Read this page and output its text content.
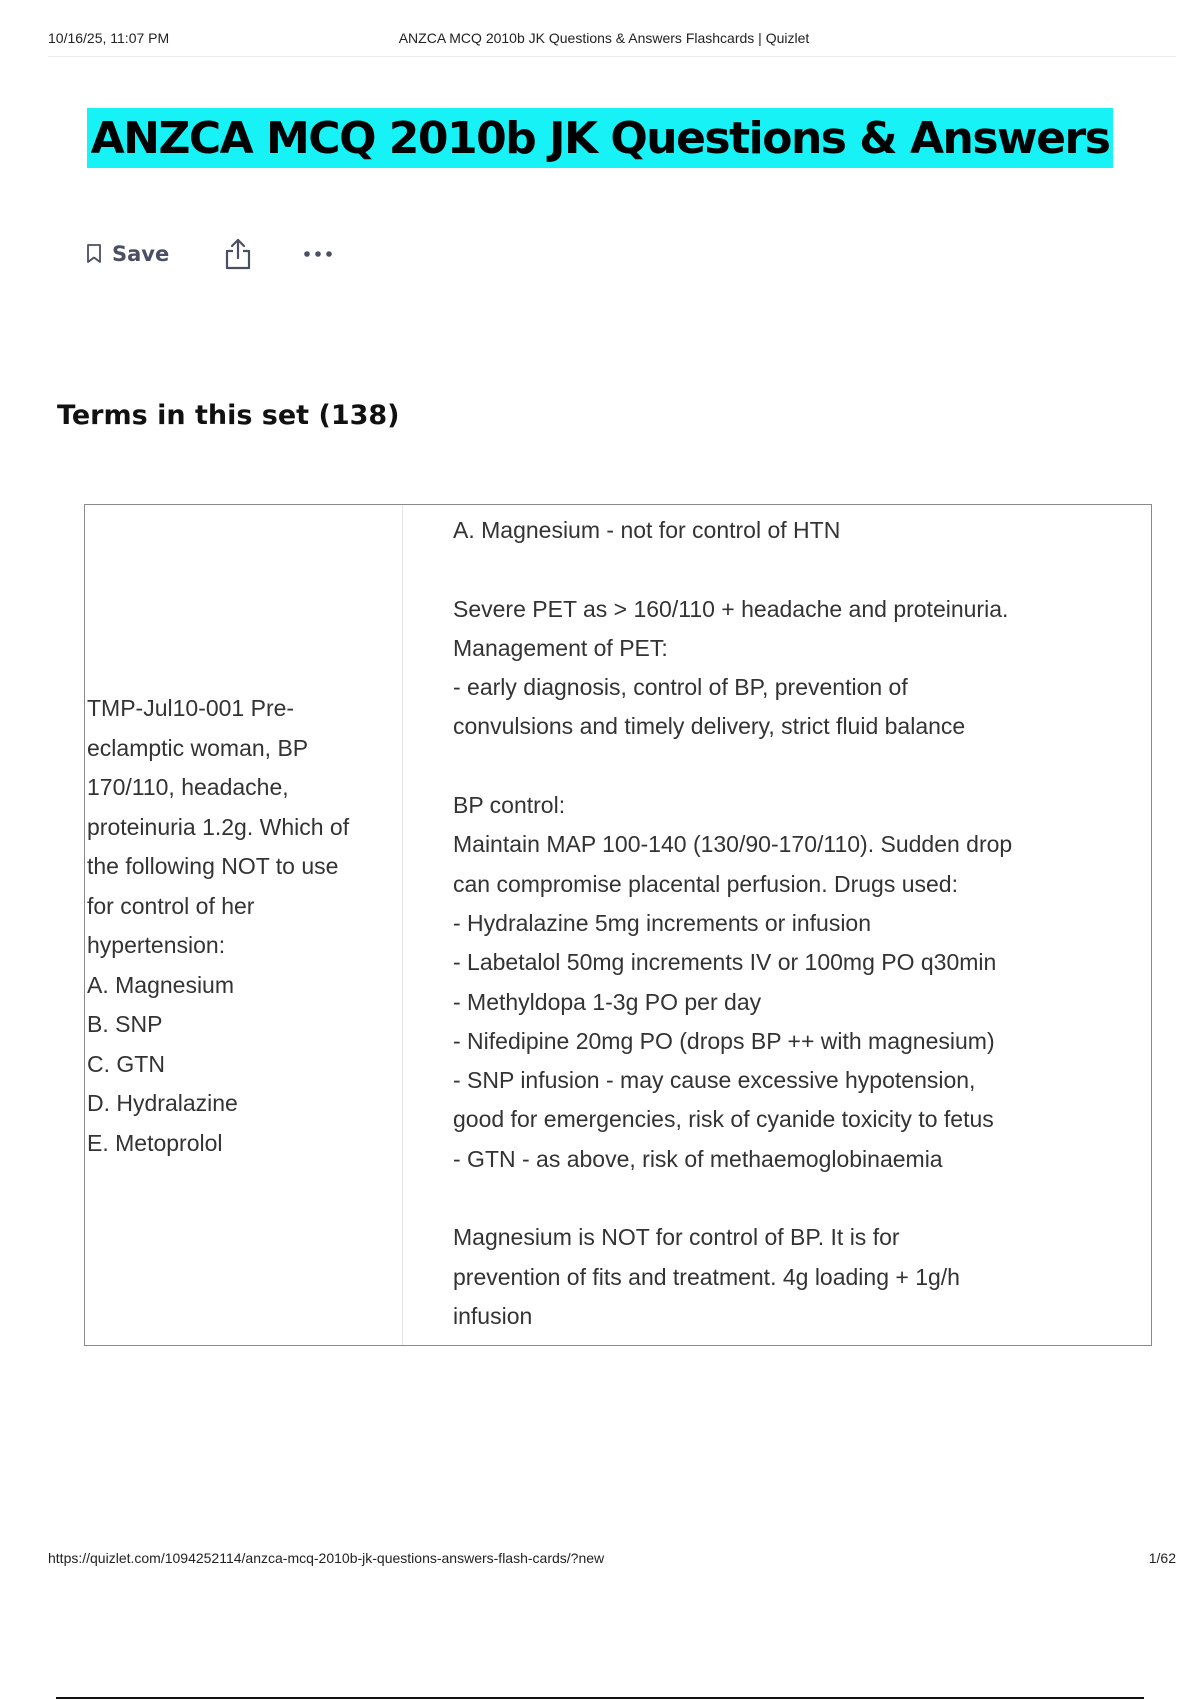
10/16/25, 11:07 PM	ANZCA MCQ 2010b JK Questions & Answers Flashcards | Quizlet
ANZCA MCQ 2010b JK Questions & Answers
Save
Terms in this set (138)
TMP-Jul10-001 Pre-
eclamptic woman, BP
170/110, headache,
proteinuria 1.2g. Which of
the following NOT to use
for control of her
hypertension:
A. Magnesium
B. SNP
C. GTN
D. Hydralazine
E. Metoprolol
A. Magnesium - not for control of HTN
Severe PET as > 160/110 + headache and proteinuria.
Management of PET:
- early diagnosis, control of BP, prevention of
convulsions and timely delivery, strict fluid balance
BP control:
Maintain MAP 100-140 (130/90-170/110). Sudden drop
can compromise placental perfusion. Drugs used:
- Hydralazine 5mg increments or infusion
- Labetalol 50mg increments IV or 100mg PO q30min
- Methyldopa 1-3g PO per day
- Nifedipine 20mg PO (drops BP ++ with magnesium)
- SNP infusion - may cause excessive hypotension,
good for emergencies, risk of cyanide toxicity to fetus
- GTN - as above, risk of methaemoglobinaemia
Magnesium is NOT for control of BP. It is for
prevention of fits and treatment. 4g loading + 1g/h
infusion
https://quizlet.com/1094252114/anzca-mcq-2010b-jk-questions-answers-flash-cards/?new	1/62
